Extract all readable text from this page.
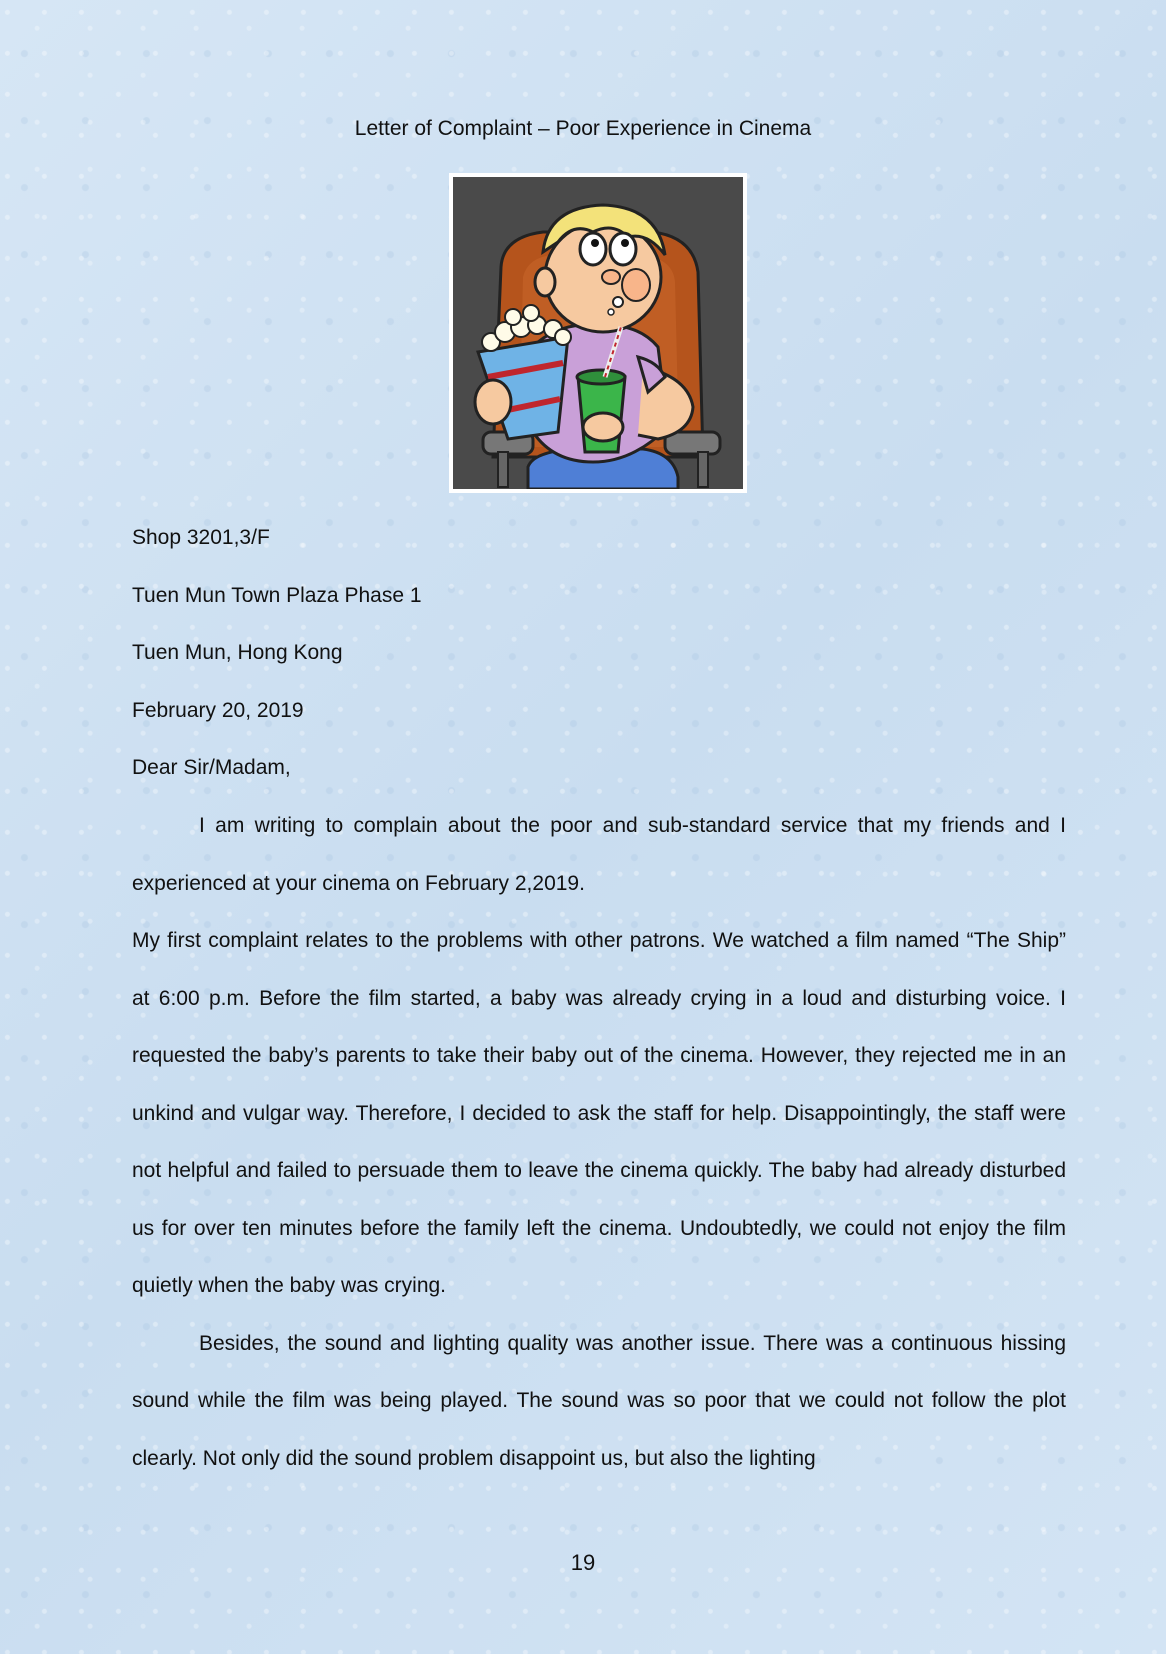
Letter of Complaint – Poor Experience in Cinema
Shop 3201,3/F
Tuen Mun Town Plaza Phase 1
Tuen Mun, Hong Kong
February 20, 2019
Dear Sir/Madam,

I am writing to complain about the poor and sub-standard service that my friends and I experienced at your cinema on February 2,2019.

My first complaint relates to the problems with other patrons. We watched a film named “The Ship” at 6:00 p.m. Before the film started, a baby was already crying in a loud and disturbing voice. I requested the baby’s parents to take their baby out of the cinema. However, they rejected me in an unkind and vulgar way. Therefore, I decided to ask the staff for help. Disappointingly, the staff were not helpful and failed to persuade them to leave the cinema quickly. The baby had already disturbed us for over ten minutes before the family left the cinema. Undoubtedly, we could not enjoy the film quietly when the baby was crying.

Besides, the sound and lighting quality was another issue. There was a continuous hissing sound while the film was being played. The sound was so poor that we could not follow the plot clearly. Not only did the sound problem disappoint us, but also the lighting

19
